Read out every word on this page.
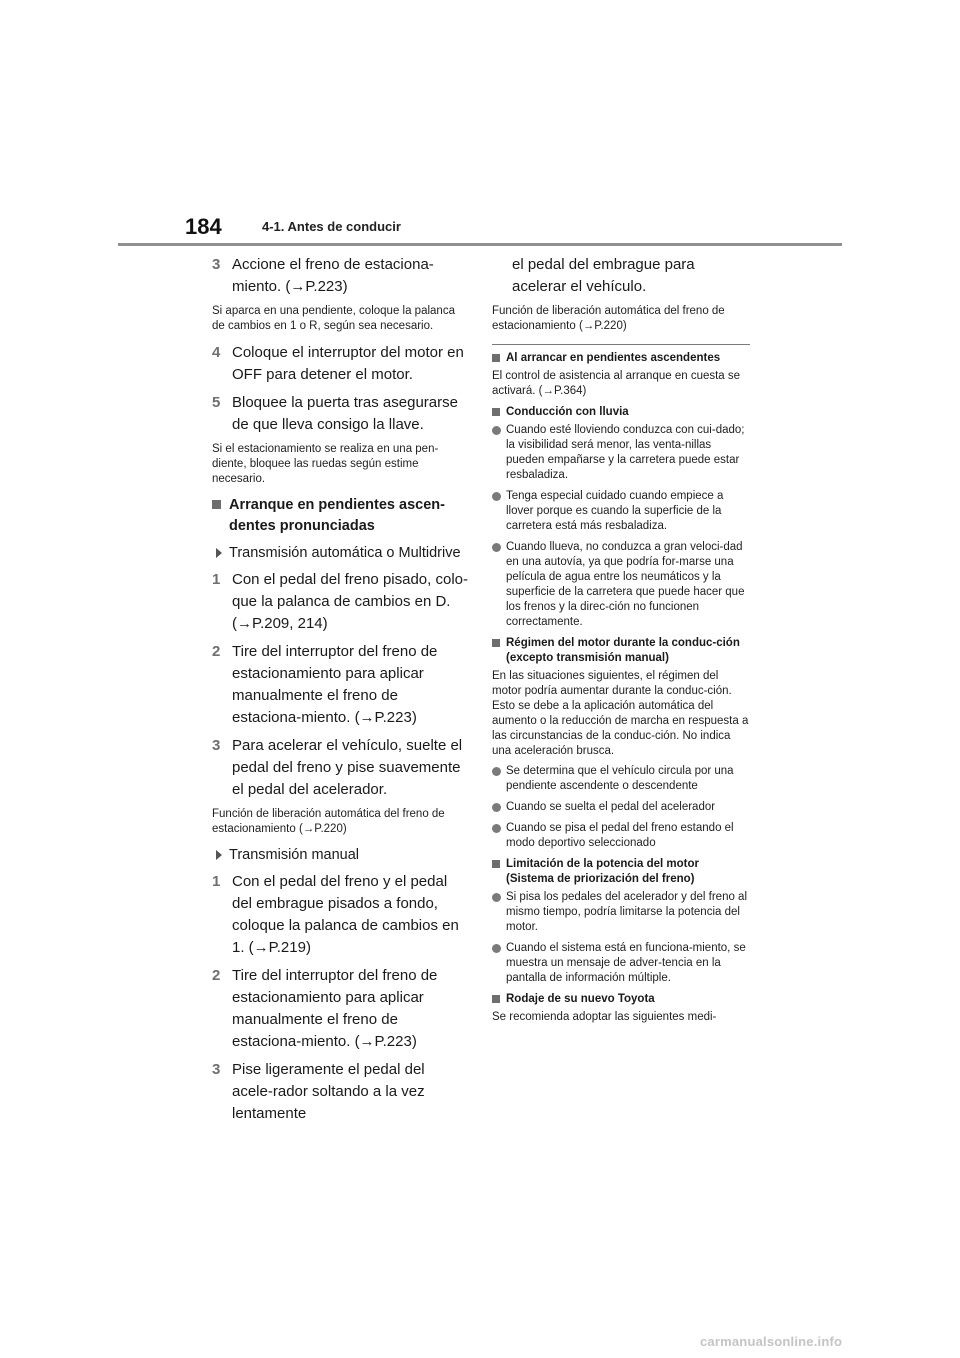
184	4-1. Antes de conducir
3 Accione el freno de estaciona-miento. (→P.223)

Si aparca en una pendiente, coloque la palanca de cambios en 1 o R, según sea necesario.

4 Coloque el interruptor del motor en OFF para detener el motor.
5 Bloquee la puerta tras asegurarse de que lleva consigo la llave.

Si el estacionamiento se realiza en una pen-diente, bloquee las ruedas según estime necesario.

Arranque en pendientes ascen-dentes pronunciadas
Transmisión automática o Multidrive
1 Con el pedal del freno pisado, colo-que la palanca de cambios en D. (→P.209, 214)
2 Tire del interruptor del freno de estacionamiento para aplicar manualmente el freno de estaciona-miento. (→P.223)
3 Para acelerar el vehículo, suelte el pedal del freno y pise suavemente el pedal del acelerador.

Función de liberación automática del freno de estacionamiento (→P.220)

Transmisión manual
1 Con el pedal del freno y el pedal del embrague pisados a fondo, coloque la palanca de cambios en 1. (→P.219)
2 Tire del interruptor del freno de estacionamiento para aplicar manualmente el freno de estaciona-miento. (→P.223)
3 Pise ligeramente el pedal del acele-rador soltando a la vez lentamente
el pedal del embrague para acelerar el vehículo.

Función de liberación automática del freno de estacionamiento (→P.220)

Al arrancar en pendientes ascendentes

El control de asistencia al arranque en cuesta se activará. (→P.364)

Conducción con lluvia
Cuando esté lloviendo conduzca con cui-dado; la visibilidad será menor, las venta-nillas pueden empañarse y la carretera puede estar resbaladiza.
Tenga especial cuidado cuando empiece a llover porque es cuando la superficie de la carretera está más resbaladiza.
Cuando llueva, no conduzca a gran veloci-dad en una autovía, ya que podría for-marse una película de agua entre los neumáticos y la superficie de la carretera que puede hacer que los frenos y la direc-ción no funcionen correctamente.
Régimen del motor durante la conduc-ción (excepto transmisión manual)

En las situaciones siguientes, el régimen del motor podría aumentar durante la conduc-ción. Esto se debe a la aplicación automática del aumento o la reducción de marcha en respuesta a las circunstancias de la conduc-ción. No indica una aceleración brusca.

Se determina que el vehículo circula por una pendiente ascendente o descendente
Cuando se suelta el pedal del acelerador
Cuando se pisa el pedal del freno estando el modo deportivo seleccionado
Limitación de la potencia del motor (Sistema de priorización del freno)
Si pisa los pedales del acelerador y del freno al mismo tiempo, podría limitarse la potencia del motor.
Cuando el sistema está en funciona-miento, se muestra un mensaje de adver-tencia en la pantalla de información múltiple.
Rodaje de su nuevo Toyota

Se recomienda adoptar las siguientes medi-

carmanualsonline.info
